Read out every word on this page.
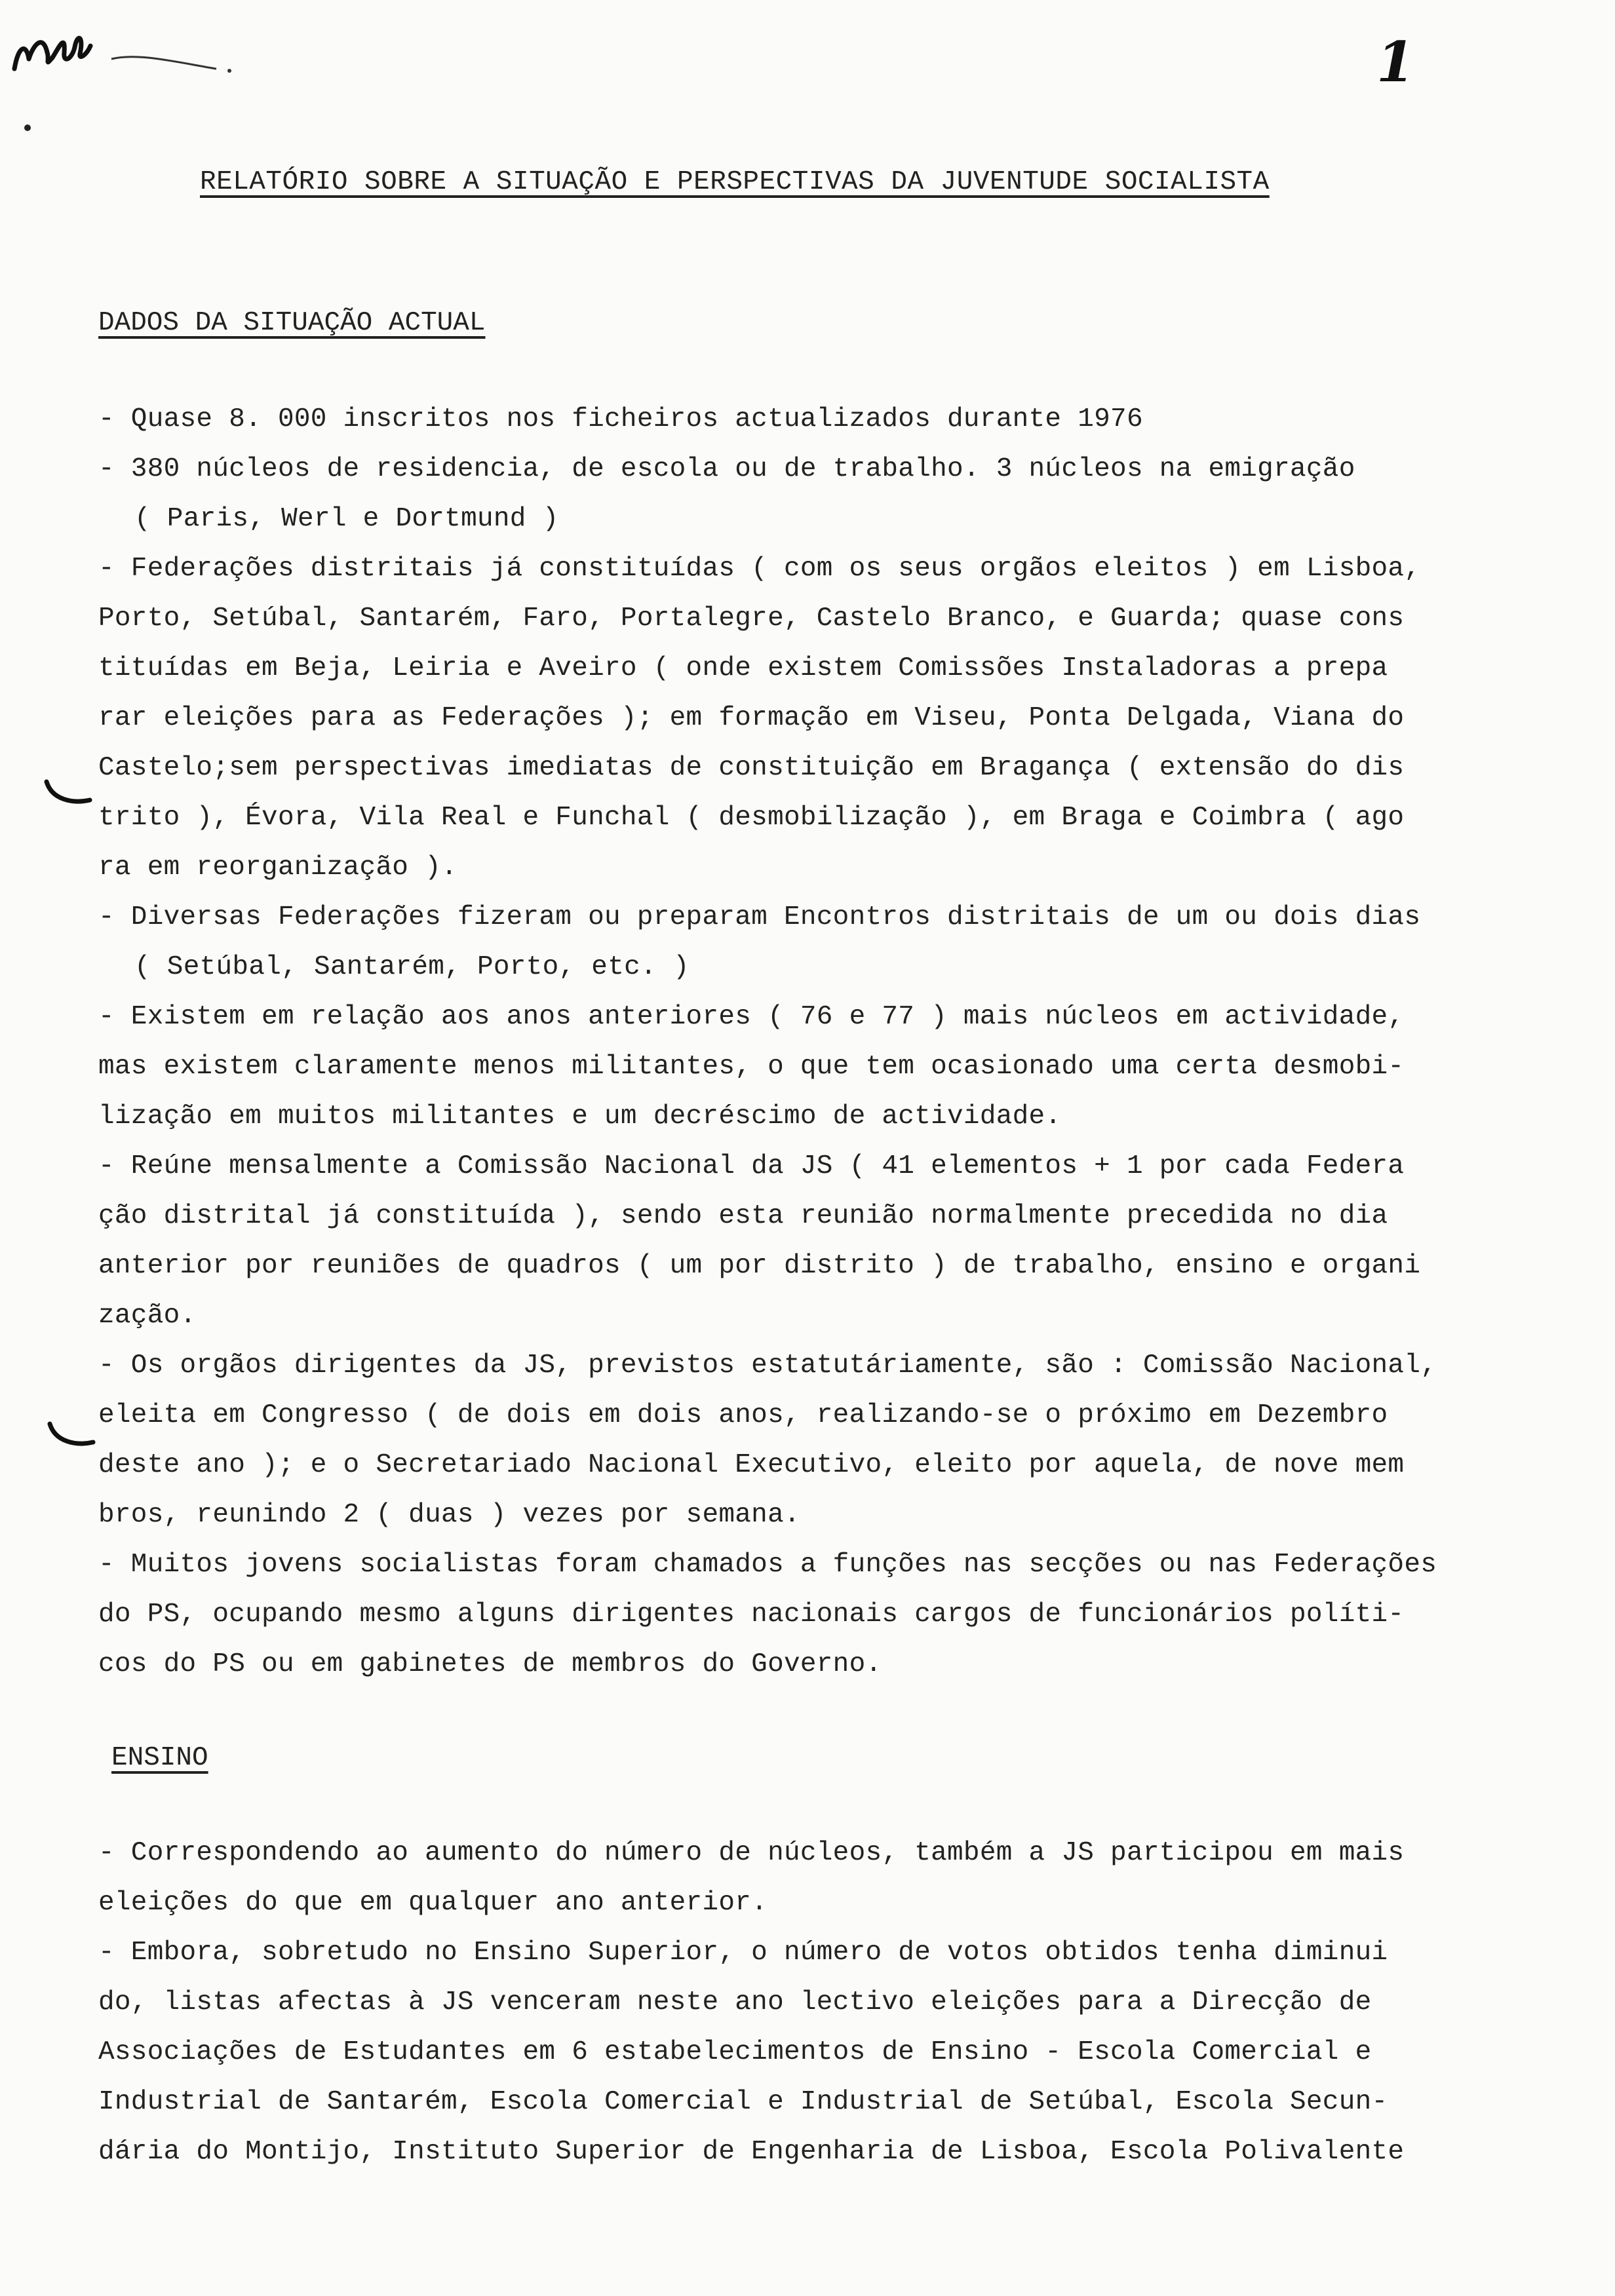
1
RELATÓRIO SOBRE A SITUAÇÃO E PERSPECTIVAS DA JUVENTUDE SOCIALISTA
DADOS DA SITUAÇÃO ACTUAL
- Quase 8. 000 inscritos nos ficheiros actualizados durante 1976
- 380 núcleos de residencia, de escola ou de trabalho. 3 núcleos na emigração
( Paris, Werl e Dortmund )
- Federações distritais já constituídas ( com os seus orgãos eleitos ) em Lisboa,
Porto, Setúbal, Santarém, Faro, Portalegre, Castelo Branco, e Guarda; quase cons
tituídas em Beja, Leiria e Aveiro ( onde existem Comissões Instaladoras a prepa
rar eleições para as Federações ); em formação em Viseu, Ponta Delgada, Viana do
Castelo;sem perspectivas imediatas de constituição em Bragança ( extensão do dis
trito ), Évora, Vila Real e Funchal ( desmobilização ), em Braga e Coimbra ( ago
ra em reorganização ).
- Diversas Federações fizeram ou preparam Encontros distritais de um ou dois dias
( Setúbal, Santarém, Porto, etc. )
- Existem em relação aos anos anteriores ( 76 e 77 ) mais núcleos em actividade,
mas existem claramente menos militantes, o que tem ocasionado uma certa desmobi-
lização em muitos militantes e um decréscimo de actividade.
- Reúne mensalmente a Comissão Nacional da JS ( 41 elementos + 1 por cada Federa
ção distrital já constituída ), sendo esta reunião normalmente precedida no dia
anterior por reuniões de quadros ( um por distrito ) de trabalho, ensino e organi
zação.
- Os orgãos dirigentes da JS, previstos estatutáriamente, são : Comissão Nacional,
eleita em Congresso ( de dois em dois anos, realizando-se o próximo em Dezembro
deste ano ); e o Secretariado Nacional Executivo, eleito por aquela, de nove mem
bros, reunindo 2 ( duas ) vezes por semana.
- Muitos jovens socialistas foram chamados a funções nas secções ou nas Federações
do PS, ocupando mesmo alguns dirigentes nacionais cargos de funcionários políti-
cos do PS ou em gabinetes de membros do Governo.
ENSINO
- Correspondendo ao aumento do número de núcleos, também a JS participou em mais
eleições do que em qualquer ano anterior.
- Embora, sobretudo no Ensino Superior, o número de votos obtidos tenha diminui
do, listas afectas à JS venceram neste ano lectivo eleições para a Direcção de
Associações de Estudantes em 6 estabelecimentos de Ensino - Escola Comercial e
Industrial de Santarém, Escola Comercial e Industrial de Setúbal, Escola Secun-
dária do Montijo, Instituto Superior de Engenharia de Lisboa, Escola Polivalente
